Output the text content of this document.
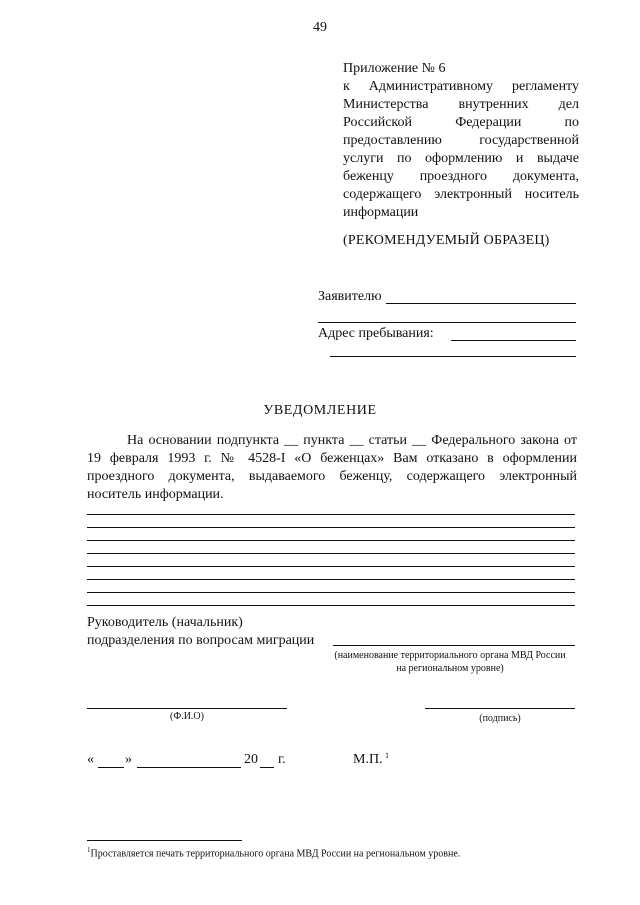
49
Приложение № 6
к Административному регламенту Министерства внутренних дел Российской Федерации по предоставлению государственной услуги по оформлению и выдаче беженцу проездного документа, содержащего электронный носитель информации
(РЕКОМЕНДУЕМЫЙ ОБРАЗЕЦ)
Заявителю
Адрес пребывания:
УВЕДОМЛЕНИЕ
На основании подпункта __ пункта __ статьи __ Федерального закона от 19 февраля 1993 г. № 4528-I «О беженцах» Вам отказано в оформлении проездного документа, выдаваемого беженцу, содержащего электронный носитель информации.
Руководитель (начальник)
подразделения по вопросам миграции
(наименование территориального органа МВД России
на региональном уровне)
(Ф.И.О)	(подпись)
« »	20 г.	М.П. 1
$^1$Проставляется печать территориального органа МВД России на региональном уровне.
